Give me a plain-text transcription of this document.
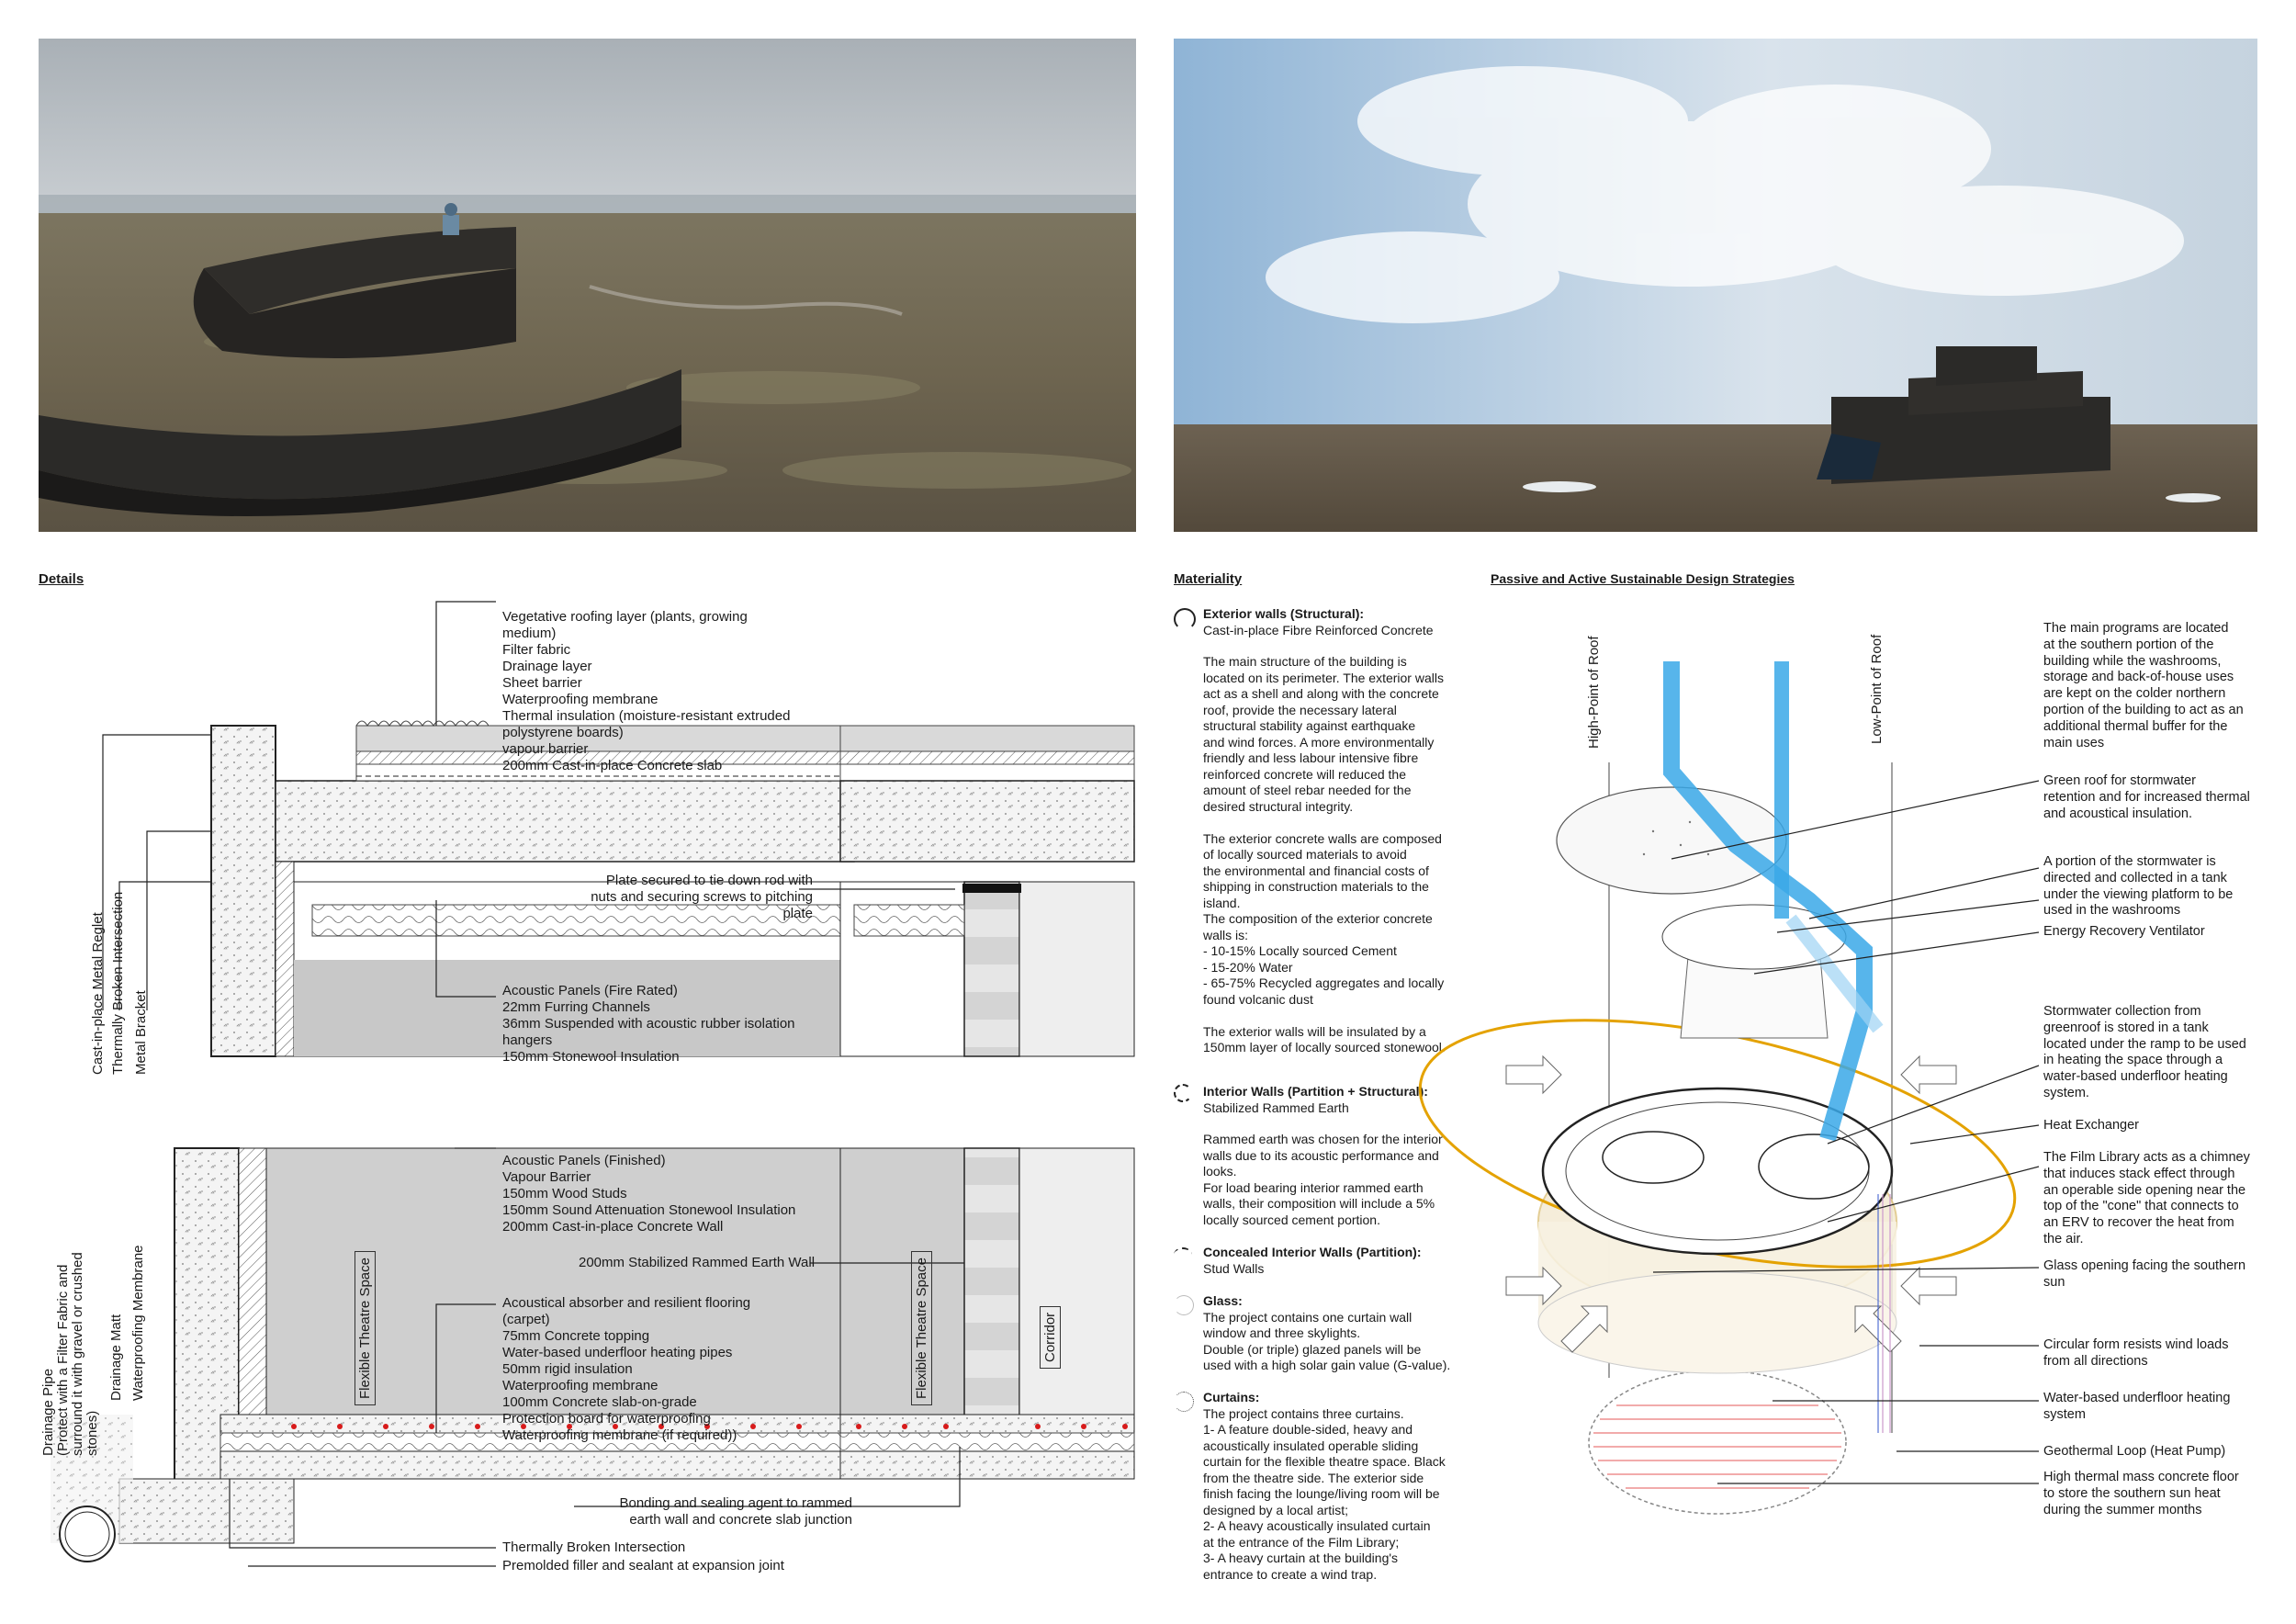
Details	Materiality	Passive and Active Sustainable Design Strategies
Vegetative roofing layer (plants, growing
medium)
Filter fabric
Drainage layer
Sheet barrier
Waterproofing membrane
Thermal insulation (moisture-resistant extruded
polystyrene boards)
vapour barrier
200mm Cast-in-place Concrete slab
Plate secured to tie down rod with
nuts and securing screws to pitching
plate
Acoustic Panels (Fire Rated)
22mm Furring Channels
36mm Suspended with acoustic rubber isolation
hangers
150mm Stonewool Insulation
Acoustic Panels (Finished)
Vapour Barrier
150mm Wood Studs
150mm Sound Attenuation Stonewool Insulation
200mm Cast-in-place Concrete Wall
200mm Stabilized Rammed Earth Wall
Acoustical absorber and resilient flooring
(carpet)
75mm Concrete topping
Water-based underfloor heating pipes
50mm rigid insulation
Waterproofing membrane
100mm Concrete slab-on-grade
Protection board for waterproofing
Waterproofing membrane (if required))
Bonding and sealing agent to rammed
earth wall and concrete slab junction
Thermally Broken Intersection
Premolded filler and sealant at expansion joint
Cast-in-place Metal Reglet Thermally Broken Intersection Metal Bracket
Drainage Pipe (Protect with a Filter Fabric and surround it with gravel or crushed stones)
Drainage Matt Waterproofing Membrane	Flexible Theatre Space	Flexible Theatre Space	Corridor
Exterior walls (Structural):
Cast-in-place Fibre Reinforced Concrete
The main structure of the building is
located on its perimeter. The exterior walls
act as a shell and along with the concrete
roof, provide the necessary lateral
structural stability against earthquake
and wind forces. A more environmentally
friendly and less labour intensive fibre
reinforced concrete will reduced the
amount of steel rebar needed for the
desired structural integrity.

The exterior concrete walls are composed
of locally sourced materials to avoid
the environmental and financial costs of
shipping in construction materials to the
island.
The composition of the exterior concrete
walls is:
- 10-15% Locally sourced Cement
- 15-20% Water
- 65-75% Recycled aggregates and locally
found volcanic dust

The exterior walls will be insulated by a
150mm layer of locally sourced stonewool.
Interior Walls (Partition + Structural):
Stabilized Rammed Earth
Rammed earth was chosen for the interior
walls due to its acoustic performance and
looks.
For load bearing interior rammed earth
walls, their composition will include a 5%
locally sourced cement portion.
Concealed Interior Walls (Partition):
Stud Walls
Glass:
The project contains one curtain wall
window and three skylights.
Double (or triple) glazed panels will be
used with a high solar gain value (G-value).
Curtains:
The project contains three curtains.
1- A feature double-sided, heavy and
acoustically insulated operable sliding
curtain for the flexible theatre space. Black
from the theatre side. The exterior side
finish facing the lounge/living room will be
designed by a local artist;
2- A heavy acoustically insulated curtain
at the entrance of the Film Library;
3- A heavy curtain at the building's
entrance to create a wind trap.
High-Point of Roof	Low-Point of Roof
The main programs are located
at the southern portion of the
building while the washrooms,
storage and back-of-house uses
are kept on the colder northern
portion of the building to act as an
additional thermal buffer for the
main uses
Green roof for stormwater
retention and for increased thermal
and acoustical insulation.
A portion of the stormwater is
directed and collected in a tank
under the viewing platform to be
used in the washrooms
Energy Recovery Ventilator
Stormwater collection from
greenroof is stored in a tank
located under the ramp to be used
in heating the space through a
water-based underfloor heating
system.
Heat Exchanger
The Film Library acts as a chimney
that induces stack effect through
an operable side opening near the
top of the "cone" that connects to
an ERV to recover the heat from
the air.
Glass opening facing the southern
sun
Circular form resists wind loads
from all directions
Water-based underfloor heating
system
Geothermal Loop (Heat Pump)
High thermal mass concrete floor
to store the southern sun heat
during the summer months
